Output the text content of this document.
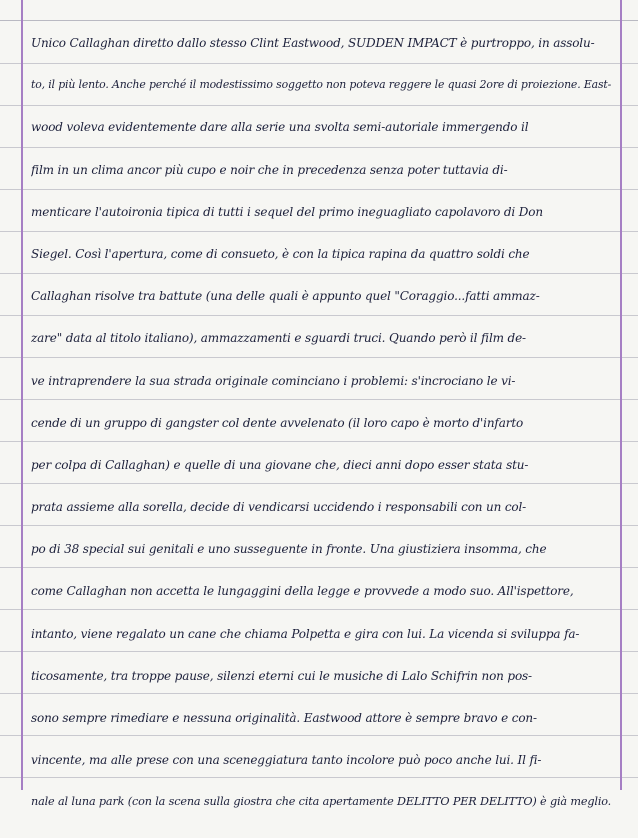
Unico Callaghan diretto dallo stesso Clint Eastwood, SUDDEN IMPACT è purtroppo, in assolu-
to, il più lento. Anche perché il modestissimo soggetto non poteva reggere le quasi 2ore di proiezione. East-
wood voleva evidentemente dare alla serie una svolta semi-autoriale immergendo il
film in un clima ancor più cupo e noir che in precedenza senza poter tuttavia di-
menticare l'autoironia tipica di tutti i sequel del primo ineguagliato capolavoro di Don
Siegel. Così l'apertura, come di consueto, è con la tipica rapina da quattro soldi che
Callaghan risolve tra battute (una delle quali è appunto quel "Coraggio...fatti ammaz-
zare" data al titolo italiano), ammazzamenti e sguardi truci. Quando però il film de-
ve intraprendere la sua strada originale cominciano i problemi: s'incrociano le vi-
cende di un gruppo di gangster col dente avvelenato (il loro capo è morto d'infarto
per colpa di Callaghan) e quelle di una giovane che, dieci anni dopo esser stata stu-
prata assieme alla sorella, decide di vendicarsi uccidendo i responsabili con un col-
po di 38 special sui genitali e uno susseguente in fronte. Una giustiziera insomma, che
come Callaghan non accetta le lungaggini della legge e provvede a modo suo. All'ispettore,
intanto, viene regalato un cane che chiama Polpetta e gira con lui. La vicenda si sviluppa fa-
ticosamente, tra troppe pause, silenzi eterni cui le musiche di Lalo Schifrin non pos-
sono sempre rimediare e nessuna originalità. Eastwood attore è sempre bravo e con-
vincente, ma alle prese con una sceneggiatura tanto incolore può poco anche lui. Il fi-
nale al luna park (con la scena sulla giostra che cita apertamente DELITTO PER DELITTO) è già meglio.
